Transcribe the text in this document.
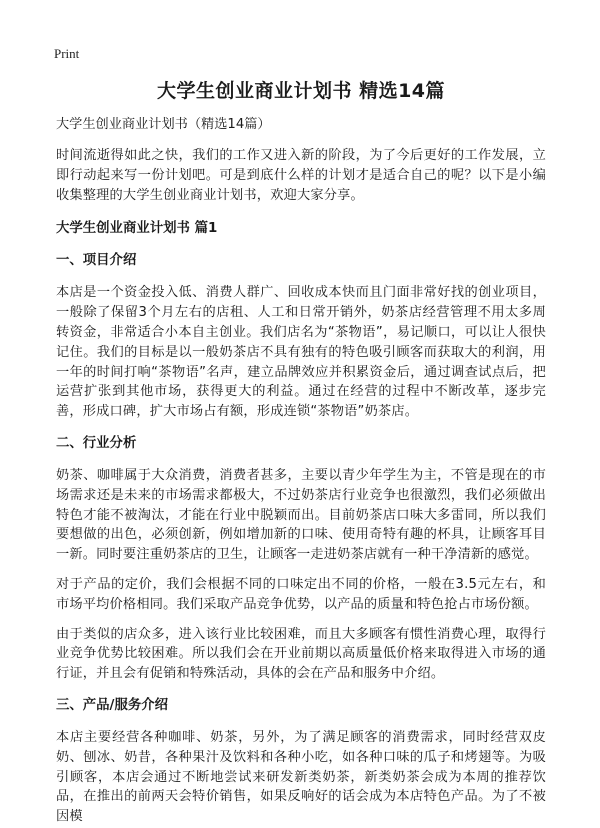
Print
大学生创业商业计划书 精选14篇
大学生创业商业计划书（精选14篇）

时间流逝得如此之快，我们的工作又进入新的阶段，为了今后更好的工作发展，立即行动起来写一份计划吧。可是到底什么样的计划才是适合自己的呢？以下是小编收集整理的大学生创业商业计划书，欢迎大家分享。

大学生创业商业计划书 篇1
一、项目介绍

本店是一个资金投入低、消费人群广、回收成本快而且门面非常好找的创业项目，一般除了保留3个月左右的店租、人工和日常开销外，奶茶店经营管理不用太多周转资金，非常适合小本自主创业。我们店名为“茶物语”，易记顺口，可以让人很快记住。我们的目标是以一般奶茶店不具有独有的特色吸引顾客而获取大的利润，用一年的时间打响“茶物语”名声，建立品牌效应并积累资金后，通过调查试点后，把运营扩张到其他市场，获得更大的利益。通过在经营的过程中不断改革，逐步完善，形成口碑，扩大市场占有额，形成连锁“茶物语”奶茶店。

二、行业分析

奶茶、咖啡属于大众消费，消费者甚多，主要以青少年学生为主，不管是现在的市场需求还是未来的市场需求都极大，不过奶茶店行业竞争也很激烈，我们必须做出特色才能不被淘汰，才能在行业中脱颖而出。目前奶茶店口味大多雷同，所以我们要想做的出色，必须创新，例如增加新的口味、使用奇特有趣的杯具，让顾客耳目一新。同时要注重奶茶店的卫生，让顾客一走进奶茶店就有一种干净清新的感觉。

对于产品的定价，我们会根据不同的口味定出不同的价格，一般在3.5元左右，和市场平均价格相同。我们采取产品竞争优势，以产品的质量和特色抢占市场份额。

由于类似的店众多，进入该行业比较困难，而且大多顾客有惯性消费心理，取得行业竞争优势比较困难。所以我们会在开业前期以高质量低价格来取得进入市场的通行证，并且会有促销和特殊活动，具体的会在产品和服务中介绍。

三、产品/服务介绍

本店主要经营各种咖啡、奶茶，另外，为了满足顾客的消费需求，同时经营双皮奶、刨冰、奶昔，各种果汁及饮料和各种小吃，如各种口味的瓜子和烤翅等。为吸引顾客，本店会通过不断地尝试来研发新类奶茶，新类奶茶会成为本周的推荐饮品，在推出的前两天会特价销售，如果反响好的话会成为本店特色产品。为了不被因模
